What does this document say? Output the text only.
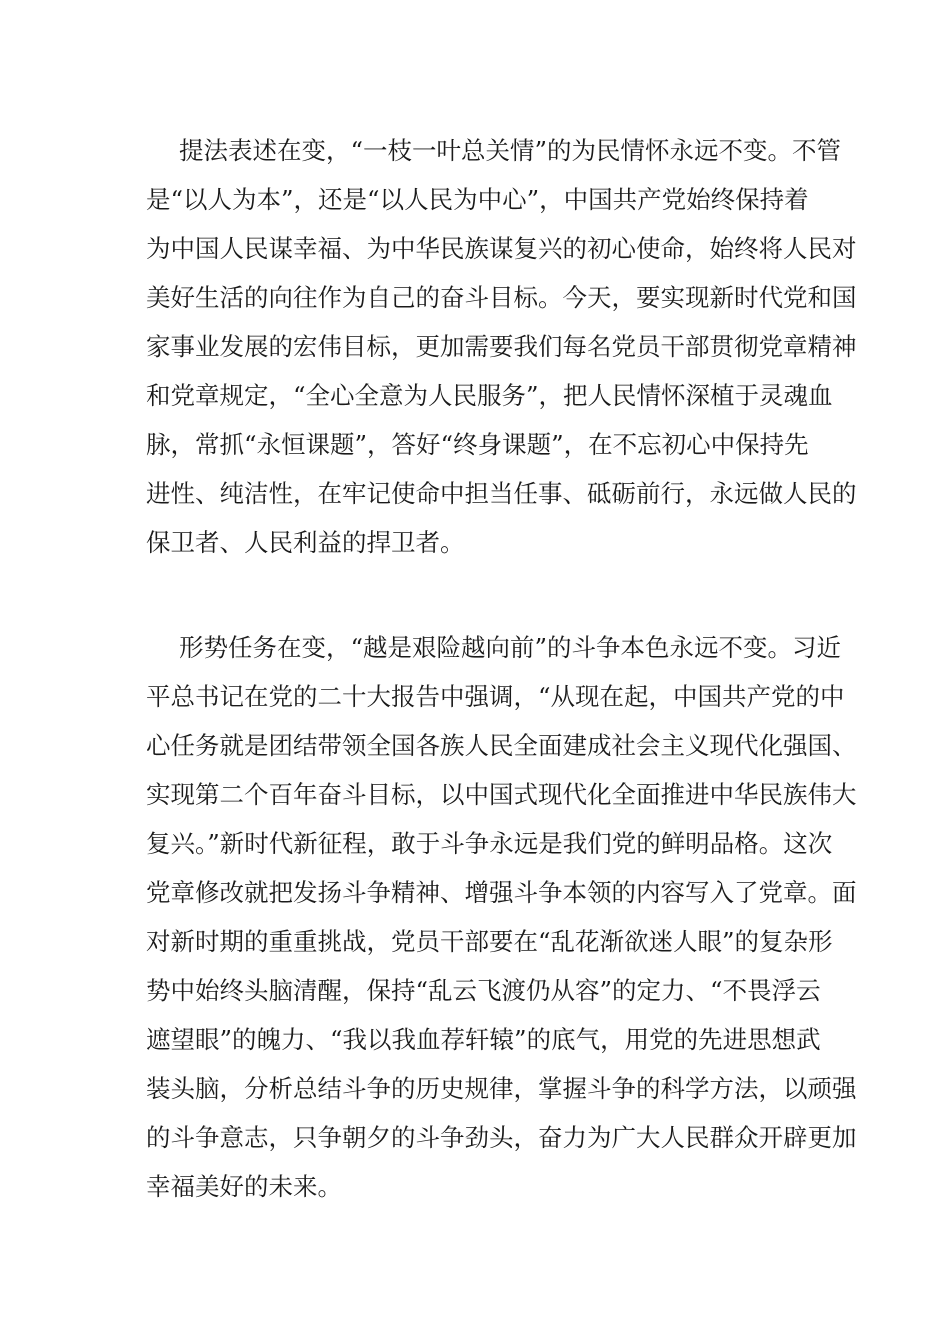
提法表述在变，“一枝一叶总关情”的为民情怀永远不变。不管
是“以人为本”，还是“以人民为中心”，中国共产党始终保持着
为中国人民谋幸福、为中华民族谋复兴的初心使命，始终将人民对
美好生活的向往作为自己的奋斗目标。今天，要实现新时代党和国
家事业发展的宏伟目标，更加需要我们每名党员干部贯彻党章精神
和党章规定，“全心全意为人民服务”，把人民情怀深植于灵魂血
脉，常抓“永恒课题”，答好“终身课题”，在不忘初心中保持先
进性、纯洁性，在牢记使命中担当任事、砥砺前行，永远做人民的
保卫者、人民利益的捍卫者。
形势任务在变，“越是艰险越向前”的斗争本色永远不变。习近
平总书记在党的二十大报告中强调，“从现在起，中国共产党的中
心任务就是团结带领全国各族人民全面建成社会主义现代化强国、
实现第二个百年奋斗目标，以中国式现代化全面推进中华民族伟大
复兴。”新时代新征程，敢于斗争永远是我们党的鲜明品格。这次
党章修改就把发扬斗争精神、增强斗争本领的内容写入了党章。面
对新时期的重重挑战，党员干部要在“乱花渐欲迷人眼”的复杂形
势中始终头脑清醒，保持“乱云飞渡仍从容”的定力、“不畏浮云
遮望眼”的魄力、“我以我血荐轩辕”的底气，用党的先进思想武
装头脑，分析总结斗争的历史规律，掌握斗争的科学方法，以顽强
的斗争意志，只争朝夕的斗争劲头，奋力为广大人民群众开辟更加
幸福美好的未来。
